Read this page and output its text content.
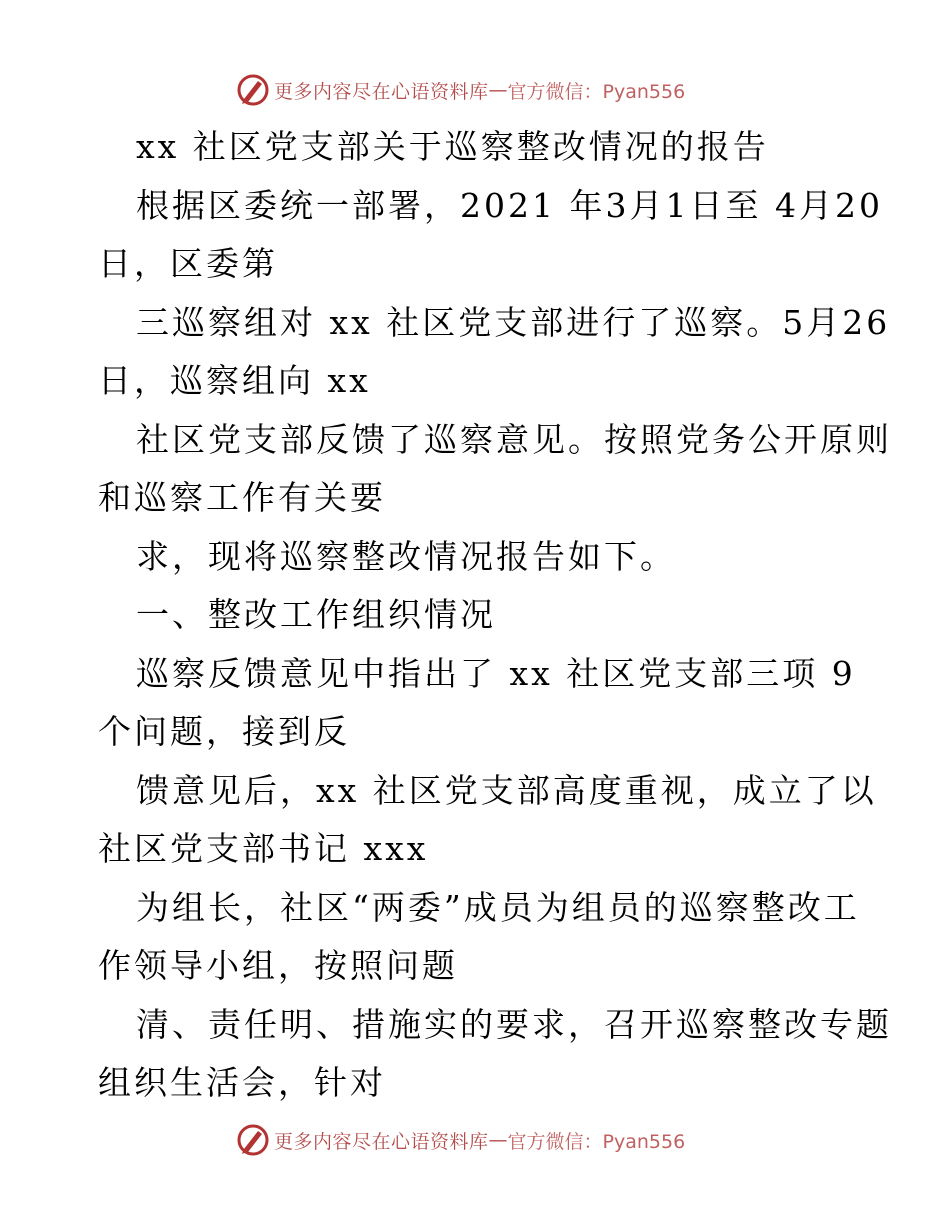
更多内容尽在心语资料库 — 官方微信：Pyan556
xx 社区党支部关于巡察整改情况的报告
根据区委统一部署，2021 年3月1日至 4月20
日，区委第
三巡察组对 xx 社区党支部进行了巡察。5月26
日，巡察组向 xx
社区党支部反馈了巡察意见。按照党务公开原则
和巡察工作有关要
求，现将巡察整改情况报告如下。
一、整改工作组织情况
巡察反馈意见中指出了 xx 社区党支部三项 9
个问题，接到反
馈意见后，xx 社区党支部高度重视，成立了以
社区党支部书记 xxx
为组长，社区“两委”成员为组员的巡察整改工
作领导小组，按照问题
清、责任明、措施实的要求，召开巡察整改专题
组织生活会，针对
更多内容尽在心语资料库 — 官方微信：Pyan556
